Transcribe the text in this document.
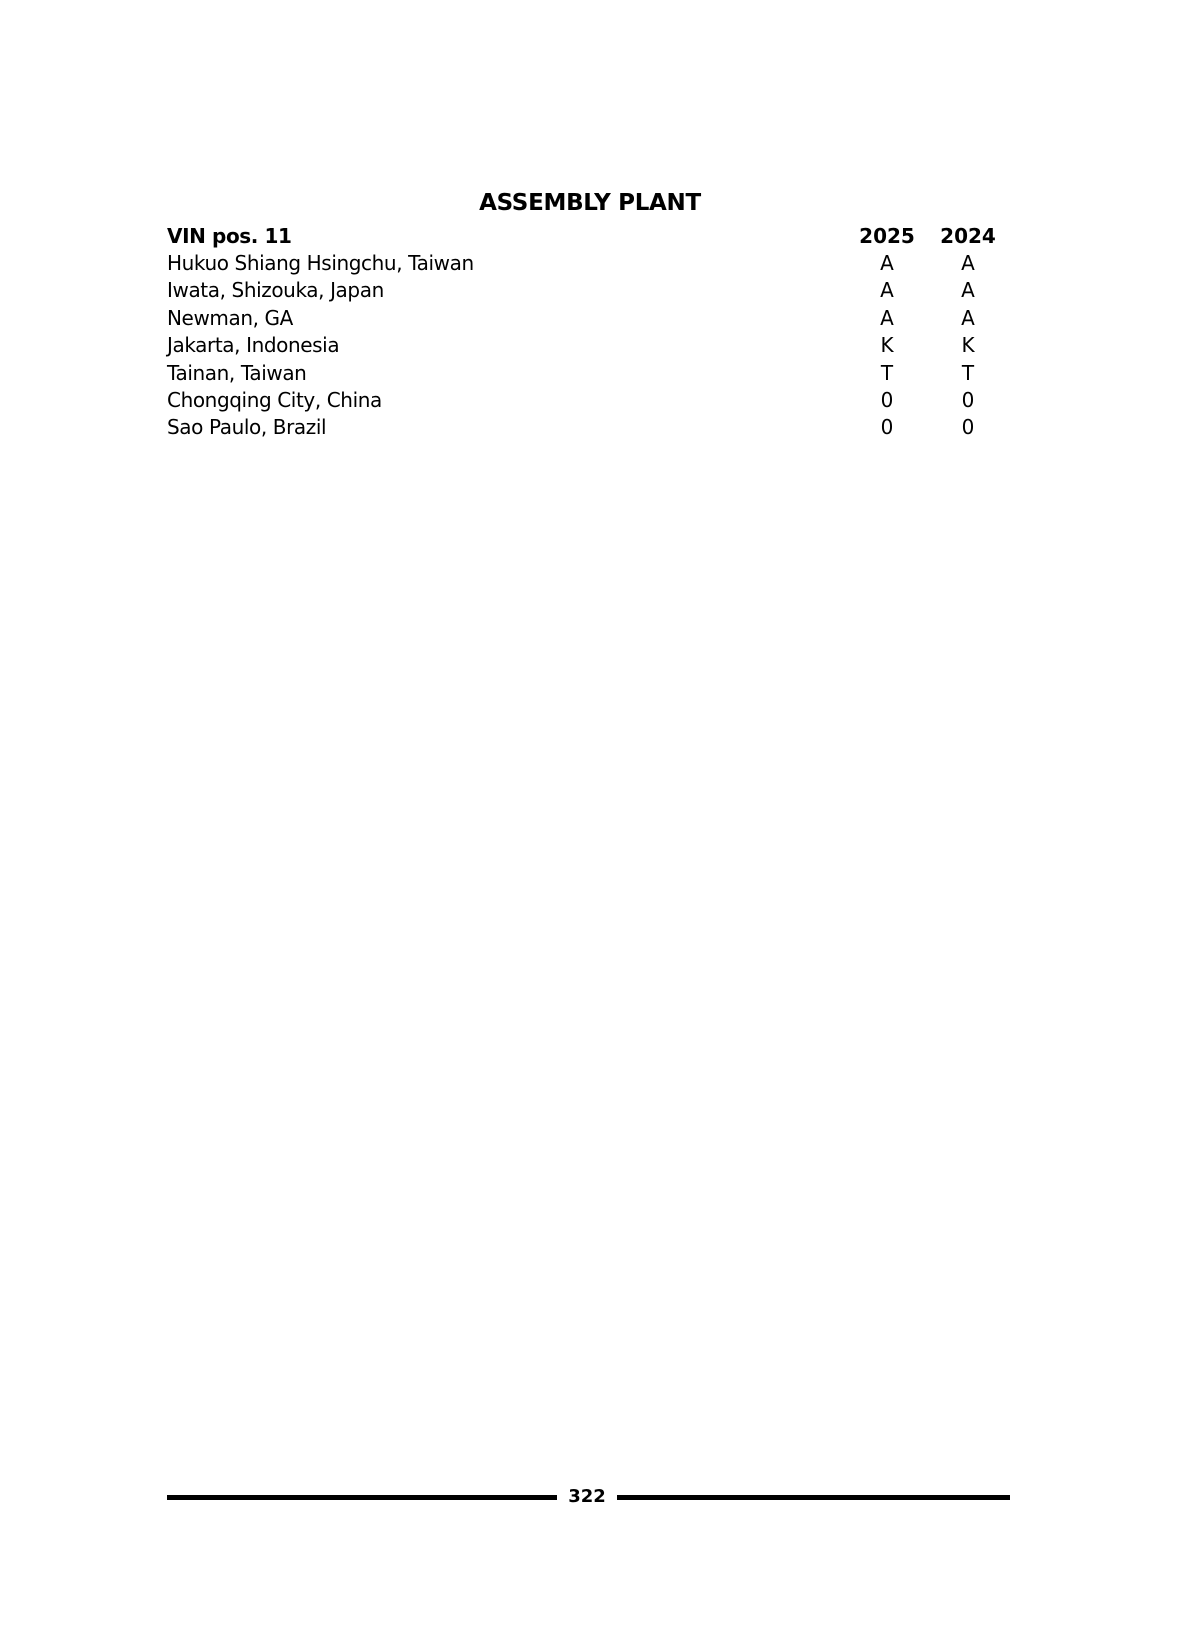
ASSEMBLY PLANT
VIN pos. 11	2025 2024
Hukuo Shiang Hsingchu, Taiwan	A	A
Iwata, Shizouka, Japan	A	A
Newman, GA	A	A
Jakarta, Indonesia	K	K
Tainan, Taiwan	T	T
Chongqing City, China	0	0
Sao Paulo, Brazil	0	0
322
